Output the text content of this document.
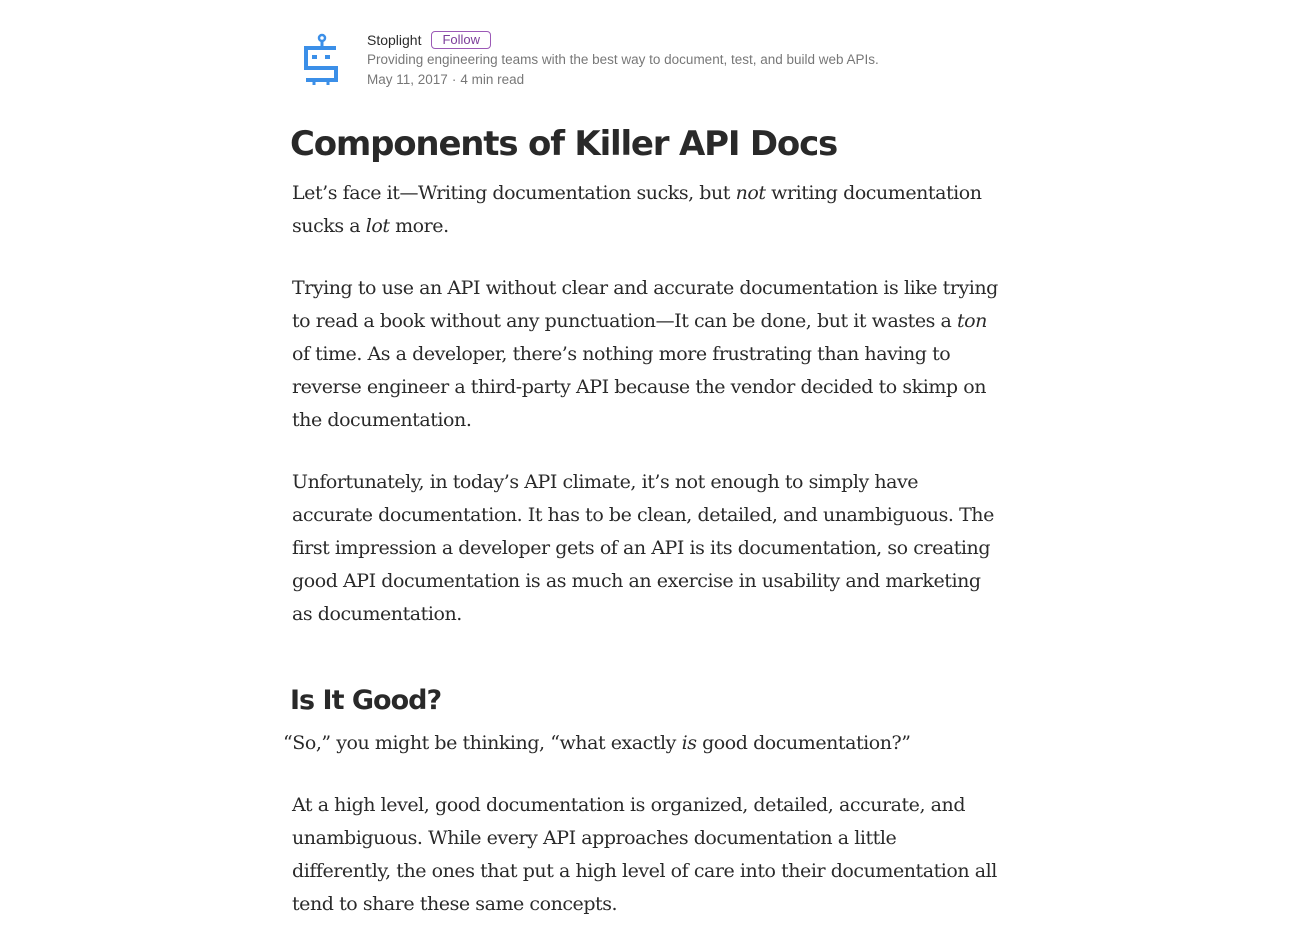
Stoplight	Follow
Providing engineering teams with the best way to document, test, and build web APIs.
May 11, 2017 · 4 min read
Components of Killer API Docs

Let’s face it—Writing documentation sucks, but not writing documentation sucks a lot more.

Trying to use an API without clear and accurate documentation is like trying to read a book without any punctuation—It can be done, but it wastes a ton of time. As a developer, there’s nothing more frustrating than having to reverse engineer a third-party API because the vendor decided to skimp on the documentation.

Unfortunately, in today’s API climate, it’s not enough to simply have accurate documentation. It has to be clean, detailed, and unambiguous. The first impression a developer gets of an API is its documentation, so creating good API documentation is as much an exercise in usability and marketing as documentation.

Is It Good?

“So,” you might be thinking, “what exactly is good documentation?”

At a high level, good documentation is organized, detailed, accurate, and unambiguous. While every API approaches documentation a little differently, the ones that put a high level of care into their documentation all tend to share these same concepts.
